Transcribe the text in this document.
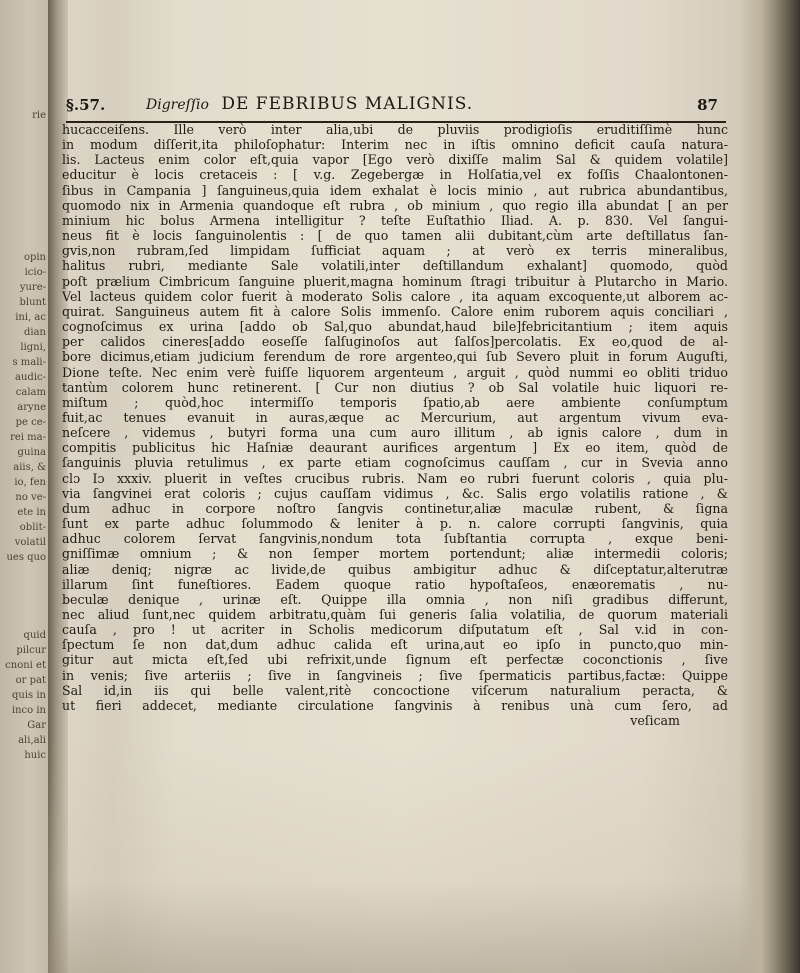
rie
opin
icio-
yure-
blunt
ini, ac
dian
ligni,
s mali-
audic-
calam
aryne
pe ce-
rei ma-
guina
aiis, &
io, fen
no ve-
ete in
oblit-
volatil
ues quo
quid
pilcur
cnoni et
or pat
quis in
inco in
Gar
ali,ali
huic
§.57.	Digreſſio DE FEBRIBUS MALIGNIS.	87
hucacceiſens. Ille verò inter alia,ubi de pluviis prodigioſis eruditiſſimè hunc
in modum diſſerit,ita philoſophatur: Interim nec in iſtis omnino deficit cauſa natura-
lis. Lacteus enim color eſt,quia vapor [Ego verò dixiſſe malim Sal & quidem volatile]
educitur è locis cretaceis : [ v.g. Zegebergæ in Holſatia,vel ex foſſis Chaalontonen-
ſibus in Campania ] ſanguineus,quia idem exhalat è locis minio , aut rubrica abundantibus,
quomodo nix in Armenia quandoque eſt rubra , ob minium , quo regio illa abundat [ an per
minium hic bolus Armena intelligitur ? teſte Euſtathio Iliad. A. p. 830. Vel ſangui-
neus fit è locis ſanguinolentis : [ de quo tamen alii dubitant,cùm arte deſtillatus ſan-
gvis,non rubram,ſed limpidam ſufficiat aquam ; at verò ex terris mineralibus,
halitus rubri, mediante Sale volatili,inter deſtillandum exhalant] quomodo, quòd
poſt prælium Cimbricum ſanguine pluerit,magna hominum ſtragi tribuitur à Plutarcho in Mario.
Vel lacteus quidem color fuerit à moderato Solis calore , ita aquam excoquente,ut alborem ac-
quirat. Sanguineus autem fit à calore Solis immenſo. Calore enim ruborem aquis conciliari ,
cognoſcimus ex urina [addo ob Sal,quo abundat,haud bile]febricitantium ; item aquis
per calidos cineres[addo eoseſſe ſalſuginoſos aut ſalſos]percolatis. Ex eo,quod de al-
bore dicimus,etiam judicium ferendum de rore argenteo,qui ſub Severo pluit in forum Auguſti,
Dione teſte. Nec enim verè fuiſſe liquorem argenteum , arguit , quòd nummi eo obliti triduo
tantùm colorem hunc retinerent. [ Cur non diutius ? ob Sal volatile huic liquori re-
miſtum ; quòd,hoc intermiſſo temporis ſpatio,ab aere ambiente conſumptum
fuit,ac tenues evanuit in auras,æque ac Mercurium, aut argentum vivum eva-
neſcere , videmus , butyri forma una cum auro illitum , ab ignis calore , dum in
compitis publicitus hic Haſniæ deaurant aurifices argentum ] Ex eo item, quòd de
ſanguinis pluvia retulimus , ex parte etiam cognoſcimus cauſſam , cur in Svevia anno
clɔ Iɔ xxxiv. pluerit in veſtes crucibus rubris. Nam eo rubri fuerunt coloris , quia plu-
via ſangvinei erat coloris ; cujus cauſſam vidimus , &c. Salis ergo volatilis ratione , &
dum adhuc in corpore noſtro ſangvis continetur,aliæ maculæ rubent, & ſigna
ſunt ex parte adhuc ſolummodo & leniter à p. n. calore corrupti ſangvinis, quia
adhuc colorem ſervat ſangvinis,nondum tota ſubſtantia corrupta , exque beni-
gniſſimæ omnium ; & non ſemper mortem portendunt; aliæ intermedii coloris;
aliæ deniq; nigræ ac livide,de quibus ambigitur adhuc & diſceptatur,alterutræ
illarum ſint funeſtiores. Eadem quoque ratio hypoſtaſeos, enæorematis , nu-
beculæ denique , urinæ eſt. Quippe illa omnia , non niſi gradibus differunt,
nec aliud ſunt,nec quidem arbitratu,quàm ſui generis ſalia volatilia, de quorum materiali
cauſa , pro ! ut acriter in Scholis medicorum diſputatum eſt , Sal v.id in con-
ſpectum ſe non dat,dum adhuc calida eſt urina,aut eo ipſo in puncto,quo min-
gitur aut micta eſt,ſed ubi refrixit,unde ſignum eſt perfectæ coconctionis , ſive
in venis; ſive arteriis ; ſive in ſangvineis ; ſive ſpermaticis partibus,factæ: Quippe
Sal id,in iis qui belle valent,ritè concoctione viſcerum naturalium peracta, &
ut fieri addecet, mediante circulatione ſangvinis à renibus unà cum ſero, ad
veſicam
